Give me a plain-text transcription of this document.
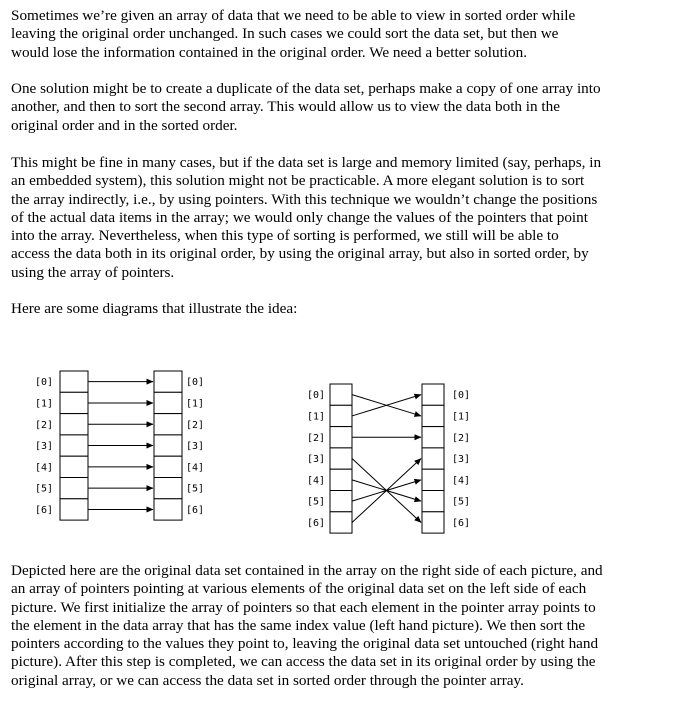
Sometimes we’re given an array of data that we need to be able to view in sorted order while
leaving the original order unchanged. In such cases we could sort the data set, but then we
would lose the information contained in the original order. We need a better solution.
One solution might be to create a duplicate of the data set, perhaps make a copy of one array into
another, and then to sort the second array. This would allow us to view the data both in the
original order and in the sorted order.
This might be fine in many cases, but if the data set is large and memory limited (say, perhaps, in
an embedded system), this solution might not be practicable. A more elegant solution is to sort
the array indirectly, i.e., by using pointers. With this technique we wouldn’t change the positions
of the actual data items in the array; we would only change the values of the pointers that point
into the array. Nevertheless, when this type of sorting is performed, we still will be able to
access the data both in its original order, by using the original array, but also in sorted order, by
using the array of pointers.
Here are some diagrams that illustrate the idea:
[0]
[1]
[2]
[3]
[4]
[5]
[6]
[0]
[1]
[2]
[3]
[4]
[5]
[6]
[0]
[1]
[2]
[3]
[4]
[5]
[6]
[0]
[1]
[2]
[3]
[4]
[5]
[6]
Depicted here are the original data set contained in the array on the right side of each picture, and
an array of pointers pointing at various elements of the original data set on the left side of each
picture. We first initialize the array of pointers so that each element in the pointer array points to
the element in the data array that has the same index value (left hand picture). We then sort the
pointers according to the values they point to, leaving the original data set untouched (right hand
picture). After this step is completed, we can access the data set in its original order by using the
original array, or we can access the data set in sorted order through the pointer array.
